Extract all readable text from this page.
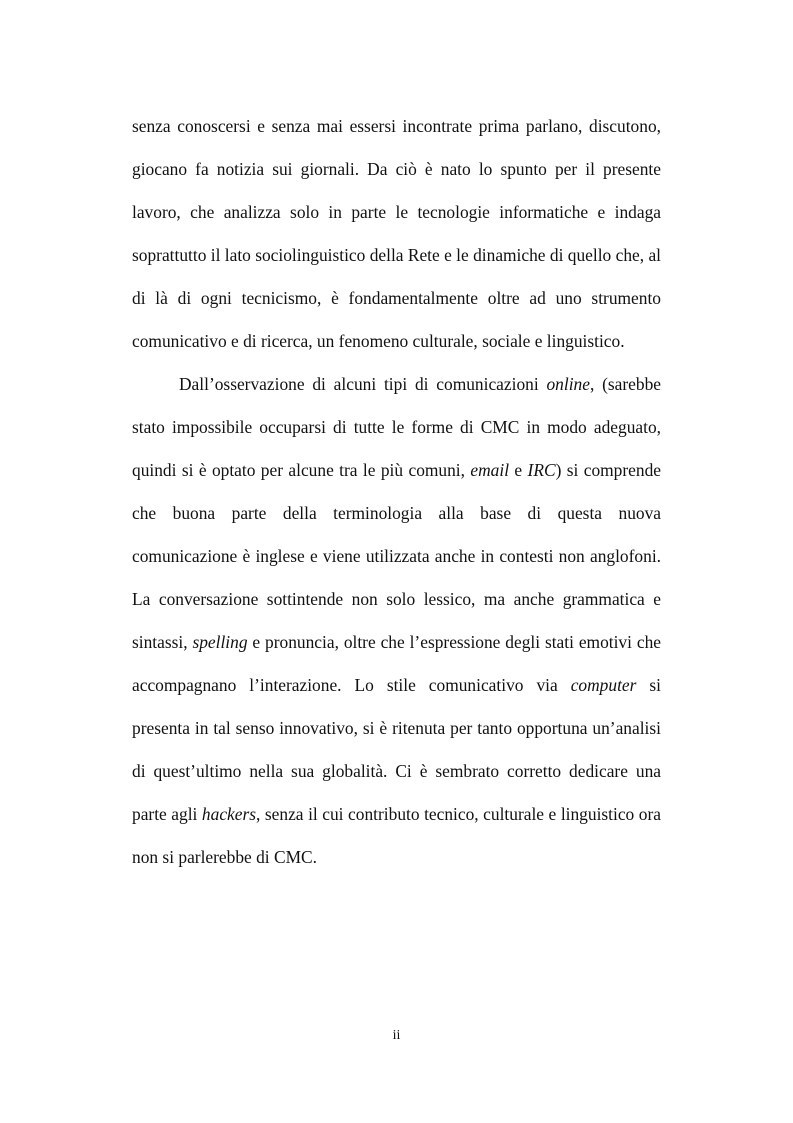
senza conoscersi e senza mai essersi incontrate prima parlano, discutono, giocano fa notizia sui giornali. Da ciò è nato lo spunto per il presente lavoro, che analizza solo in parte le tecnologie informatiche e indaga soprattutto il lato sociolinguistico della Rete e le dinamiche di quello che, al di là di ogni tecnicismo, è fondamentalmente oltre ad uno strumento comunicativo e di ricerca, un fenomeno culturale, sociale e linguistico.

Dall’osservazione di alcuni tipi di comunicazioni online, (sarebbe stato impossibile occuparsi di tutte le forme di CMC in modo adeguato, quindi si è optato per alcune tra le più comuni, email e IRC) si comprende che buona parte della terminologia alla base di questa nuova comunicazione è inglese e viene utilizzata anche in contesti non anglofoni. La conversazione sottintende non solo lessico, ma anche grammatica e sintassi, spelling e pronuncia, oltre che l’espressione degli stati emotivi che accompagnano l’interazione. Lo stile comunicativo via computer si presenta in tal senso innovativo, si è ritenuta per tanto opportuna un’analisi di quest’ultimo nella sua globalità. Ci è sembrato corretto dedicare una parte agli hackers, senza il cui contributo tecnico, culturale e linguistico ora non si parlerebbe di CMC.

ii
